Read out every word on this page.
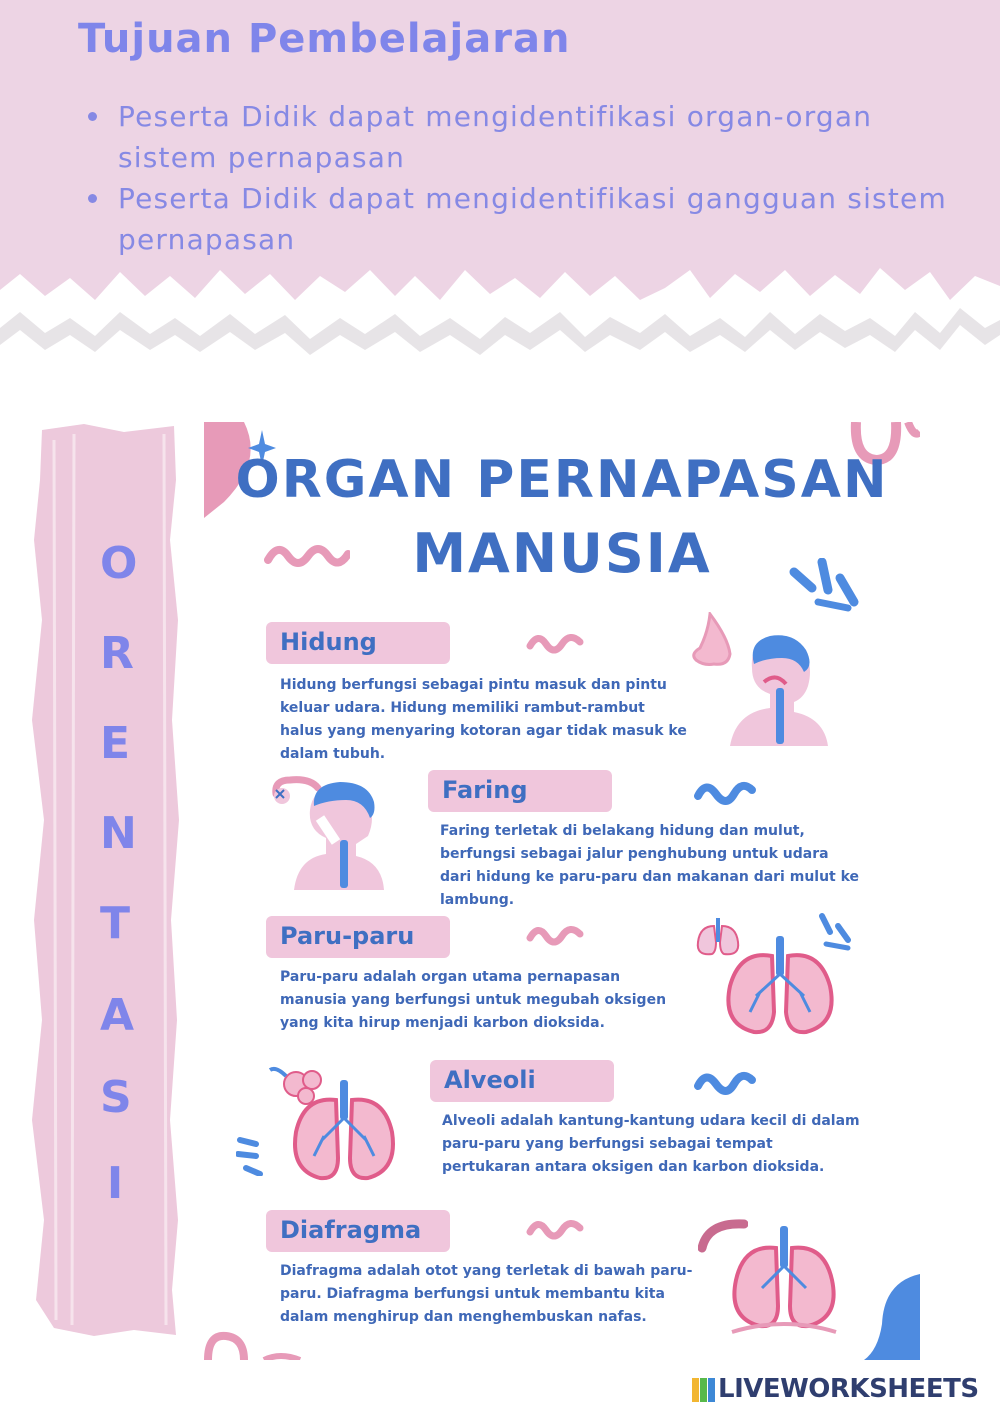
Tujuan Pembelajaran
Peserta Didik dapat mengidentifikasi organ-organ sistem pernapasan
Peserta Didik dapat mengidentifikasi gangguan sistem pernapasan
O
R
E
N
T
A
S
I
ORGAN PERNAPASAN
MANUSIA
Hidung

Hidung berfungsi sebagai pintu masuk dan pintu keluar udara. Hidung memiliki rambut-rambut halus yang menyaring kotoran agar tidak masuk ke dalam tubuh.

Faring

Faring terletak di belakang hidung dan mulut, berfungsi sebagai jalur penghubung untuk udara dari hidung ke paru-paru dan makanan dari mulut ke lambung.

Paru-paru

Paru-paru adalah organ utama pernapasan manusia yang berfungsi untuk megubah oksigen yang kita hirup menjadi karbon dioksida.

Alveoli

Alveoli adalah kantung-kantung udara kecil di dalam paru-paru yang berfungsi sebagai tempat pertukaran antara oksigen dan karbon dioksida.

Diafragma

Diafragma adalah otot yang terletak di bawah paru-paru. Diafragma berfungsi untuk membantu kita dalam menghirup dan menghembuskan nafas.

LIVEWORKSHEETS
